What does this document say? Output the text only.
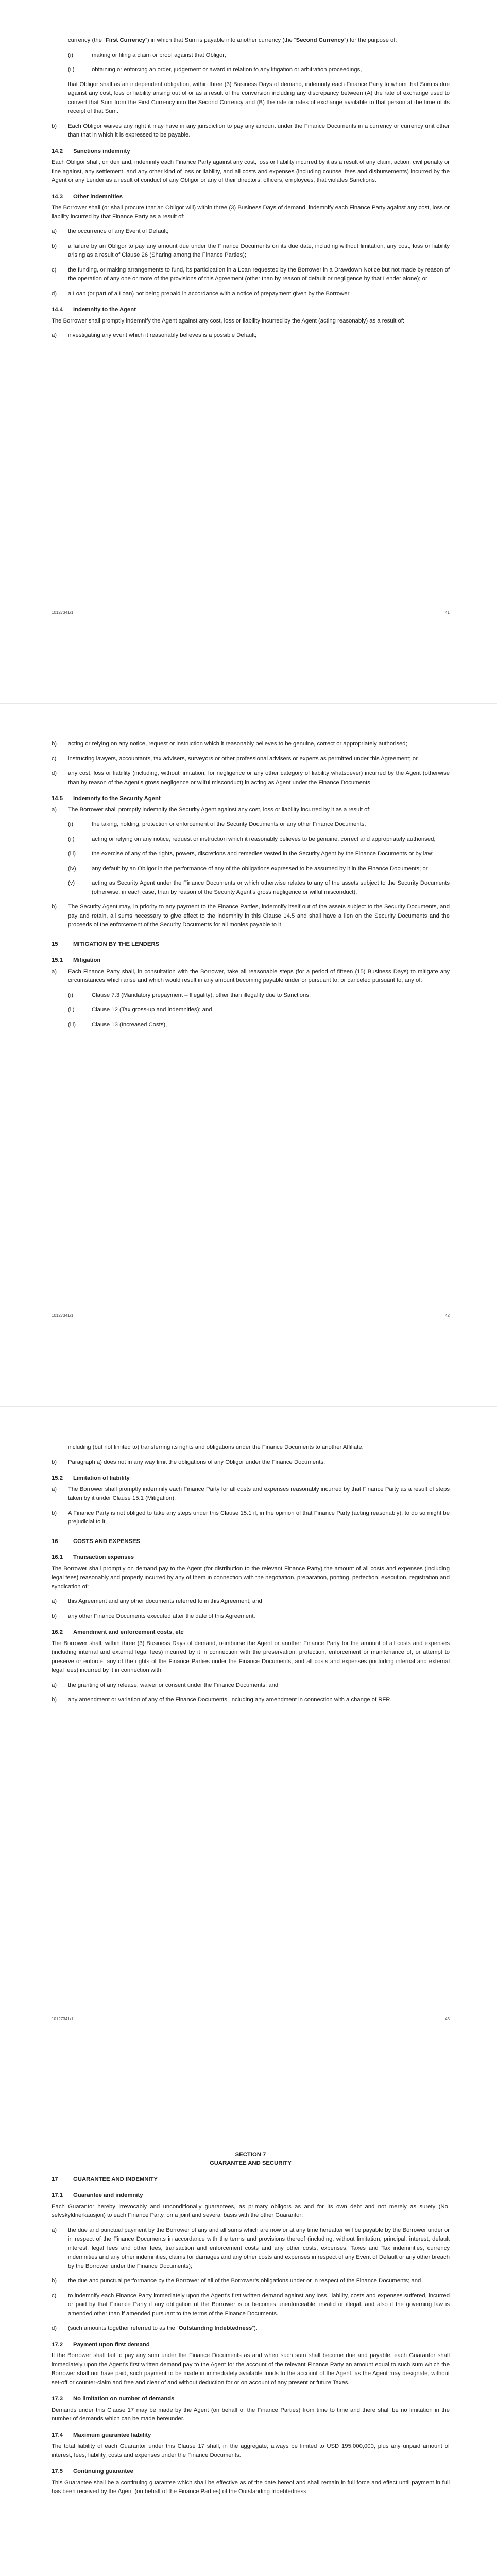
currency (the “First Currency”) in which that Sum is payable into another currency (the “Second Currency”) for the purpose of:

(i)	making or filing a claim or proof against that Obligor;
(ii)	obtaining or enforcing an order, judgement or award in relation to any litigation or arbitration proceedings,

that Obligor shall as an independent obligation, within three (3) Business Days of demand, indemnify each Finance Party to whom that Sum is due against any cost, loss or liability arising out of or as a result of the conversion including any discrepancy between (A) the rate of exchange used to convert that Sum from the First Currency into the Second Currency and (B) the rate or rates of exchange available to that person at the time of its receipt of that Sum.

b)	Each Obligor waives any right it may have in any jurisdiction to pay any amount under the Finance Documents in a currency or currency unit other than that in which it is expressed to be payable.
14.2	Sanctions indemnity

Each Obligor shall, on demand, indemnify each Finance Party against any cost, loss or liability incurred by it as a result of any claim, action, civil penalty or fine against, any settlement, and any other kind of loss or liability, and all costs and expenses (including counsel fees and disbursements) incurred by the Agent or any Lender as a result of conduct of any Obligor or any of their directors, officers, employees, that violates Sanctions.

14.3	Other indemnities

The Borrower shall (or shall procure that an Obligor will) within three (3) Business Days of demand, indemnify each Finance Party against any cost, loss or liability incurred by that Finance Party as a result of:

a)	the occurrence of any Event of Default;
b)	a failure by an Obligor to pay any amount due under the Finance Documents on its due date, including without limitation, any cost, loss or liability arising as a result of Clause 26 (Sharing among the Finance Parties);
c)	the funding, or making arrangements to fund, its participation in a Loan requested by the Borrower in a Drawdown Notice but not made by reason of the operation of any one or more of the provisions of this Agreement (other than by reason of default or negligence by that Lender alone); or
d)	a Loan (or part of a Loan) not being prepaid in accordance with a notice of prepayment given by the Borrower.
14.4	Indemnity to the Agent

The Borrower shall promptly indemnify the Agent against any cost, loss or liability incurred by the Agent (acting reasonably) as a result of:

a)	investigating any event which it reasonably believes is a possible Default;
10127341/1	41
b)	acting or relying on any notice, request or instruction which it reasonably believes to be genuine, correct or appropriately authorised;
c)	instructing lawyers, accountants, tax advisers, surveyors or other professional advisers or experts as permitted under this Agreement; or
d)	any cost, loss or liability (including, without limitation, for negligence or any other category of liability whatsoever) incurred by the Agent (otherwise than by reason of the Agent’s gross negligence or wilful misconduct) in acting as Agent under the Finance Documents.
14.5	Indemnity to the Security Agent
a)	The Borrower shall promptly indemnify the Security Agent against any cost, loss or liability incurred by it as a result of:
(i)	the taking, holding, protection or enforcement of the Security Documents or any other Finance Documents,
(ii)	acting or relying on any notice, request or instruction which it reasonably believes to be genuine, correct and appropriately authorised;
(iii)	the exercise of any of the rights, powers, discretions and remedies vested in the Security Agent by the Finance Documents or by law;
(iv)	any default by an Obligor in the performance of any of the obligations expressed to be assumed by it in the Finance Documents; or
(v)	acting as Security Agent under the Finance Documents or which otherwise relates to any of the assets subject to the Security Documents (otherwise, in each case, than by reason of the Security Agent’s gross negligence or wilful misconduct).
b)	The Security Agent may, in priority to any payment to the Finance Parties, indemnify itself out of the assets subject to the Security Documents, and pay and retain, all sums necessary to give effect to the indemnity in this Clause 14.5 and shall have a lien on the Security Documents and the proceeds of the enforcement of the Security Documents for all monies payable to it.
15	MITIGATION BY THE LENDERS
15.1	Mitigation
a)	Each Finance Party shall, in consultation with the Borrower, take all reasonable steps (for a period of fifteen (15) Business Days) to mitigate any circumstances which arise and which would result in any amount becoming payable under or pursuant to, or canceled pursuant to, any of:
(i)	Clause 7.3 (Mandatory prepayment – Illegality), other than illegality due to Sanctions;
(ii)	Clause 12 (Tax gross-up and indemnities); and
(iii)	Clause 13 (Increased Costs),
10127341/1	42

including (but not limited to) transferring its rights and obligations under the Finance Documents to another Affiliate.

b)	Paragraph a) does not in any way limit the obligations of any Obligor under the Finance Documents.
15.2	Limitation of liability
a)	The Borrower shall promptly indemnify each Finance Party for all costs and expenses reasonably incurred by that Finance Party as a result of steps taken by it under Clause 15.1 (Mitigation).
b)	A Finance Party is not obliged to take any steps under this Clause 15.1 if, in the opinion of that Finance Party (acting reasonably), to do so might be prejudicial to it.
16	COSTS AND EXPENSES
16.1	Transaction expenses

The Borrower shall promptly on demand pay to the Agent (for distribution to the relevant Finance Party) the amount of all costs and expenses (including legal fees) reasonably and properly incurred by any of them in connection with the negotiation, preparation, printing, perfection, execution, registration and syndication of:

a)	this Agreement and any other documents referred to in this Agreement; and
b)	any other Finance Documents executed after the date of this Agreement.
16.2	Amendment and enforcement costs, etc

The Borrower shall, within three (3) Business Days of demand, reimburse the Agent or another Finance Party for the amount of all costs and expenses (including internal and external legal fees) incurred by it in connection with the preservation, protection, enforcement or maintenance of, or attempt to preserve or enforce, any of the rights of the Finance Parties under the Finance Documents, and all costs and expenses (including internal and external legal fees) incurred by it in connection with:

a)	the granting of any release, waiver or consent under the Finance Documents; and
b)	any amendment or variation of any of the Finance Documents, including any amendment in connection with a change of RFR.
10127341/1	43
SECTION 7
GUARANTEE AND SECURITY
17	GUARANTEE AND INDEMNITY
17.1	Guarantee and indemnity

Each Guarantor hereby irrevocably and unconditionally guarantees, as primary obligors as and for its own debt and not merely as surety (No. selvskyldnerkausjon) to each Finance Party, on a joint and several basis with the other Guarantor:

a)	the due and punctual payment by the Borrower of any and all sums which are now or at any time hereafter will be payable by the Borrower under or in respect of the Finance Documents in accordance with the terms and provisions thereof (including, without limitation, principal, interest, default interest, legal fees and other fees, transaction and enforcement costs and any other costs, expenses, Taxes and Tax indemnities, currency indemnities and any other indemnities, claims for damages and any other costs and expenses in respect of any Event of Default or any other breach by the Borrower under the Finance Documents);
b)	the due and punctual performance by the Borrower of all of the Borrower’s obligations under or in respect of the Finance Documents; and
c)	to indemnify each Finance Party immediately upon the Agent’s first written demand against any loss, liability, costs and expenses suffered, incurred or paid by that Finance Party if any obligation of the Borrower is or becomes unenforceable, invalid or illegal, and also if the governing law is amended other than if amended pursuant to the terms of the Finance Documents.
d)	(such amounts together referred to as the “Outstanding Indebtedness”).
17.2	Payment upon first demand

If the Borrower shall fail to pay any sum under the Finance Documents as and when such sum shall become due and payable, each Guarantor shall immediately upon the Agent’s first written demand pay to the Agent for the account of the relevant Finance Party an amount equal to such sum which the Borrower shall not have paid, such payment to be made in immediately available funds to the account of the Agent, as the Agent may designate, without set-off or counter-claim and free and clear of and without deduction for or on account of any present or future Taxes.

17.3	No limitation on number of demands

Demands under this Clause 17 may be made by the Agent (on behalf of the Finance Parties) from time to time and there shall be no limitation in the number of demands which can be made hereunder.

17.4	Maximum guarantee liability

The total liability of each Guarantor under this Clause 17 shall, in the aggregate, always be limited to USD 195,000,000, plus any unpaid amount of interest, fees, liability, costs and expenses under the Finance Documents.

17.5	Continuing guarantee

This Guarantee shall be a continuing guarantee which shall be effective as of the date hereof and shall remain in full force and effect until payment in full has been received by the Agent (on behalf of the Finance Parties) of the Outstanding Indebtedness.
